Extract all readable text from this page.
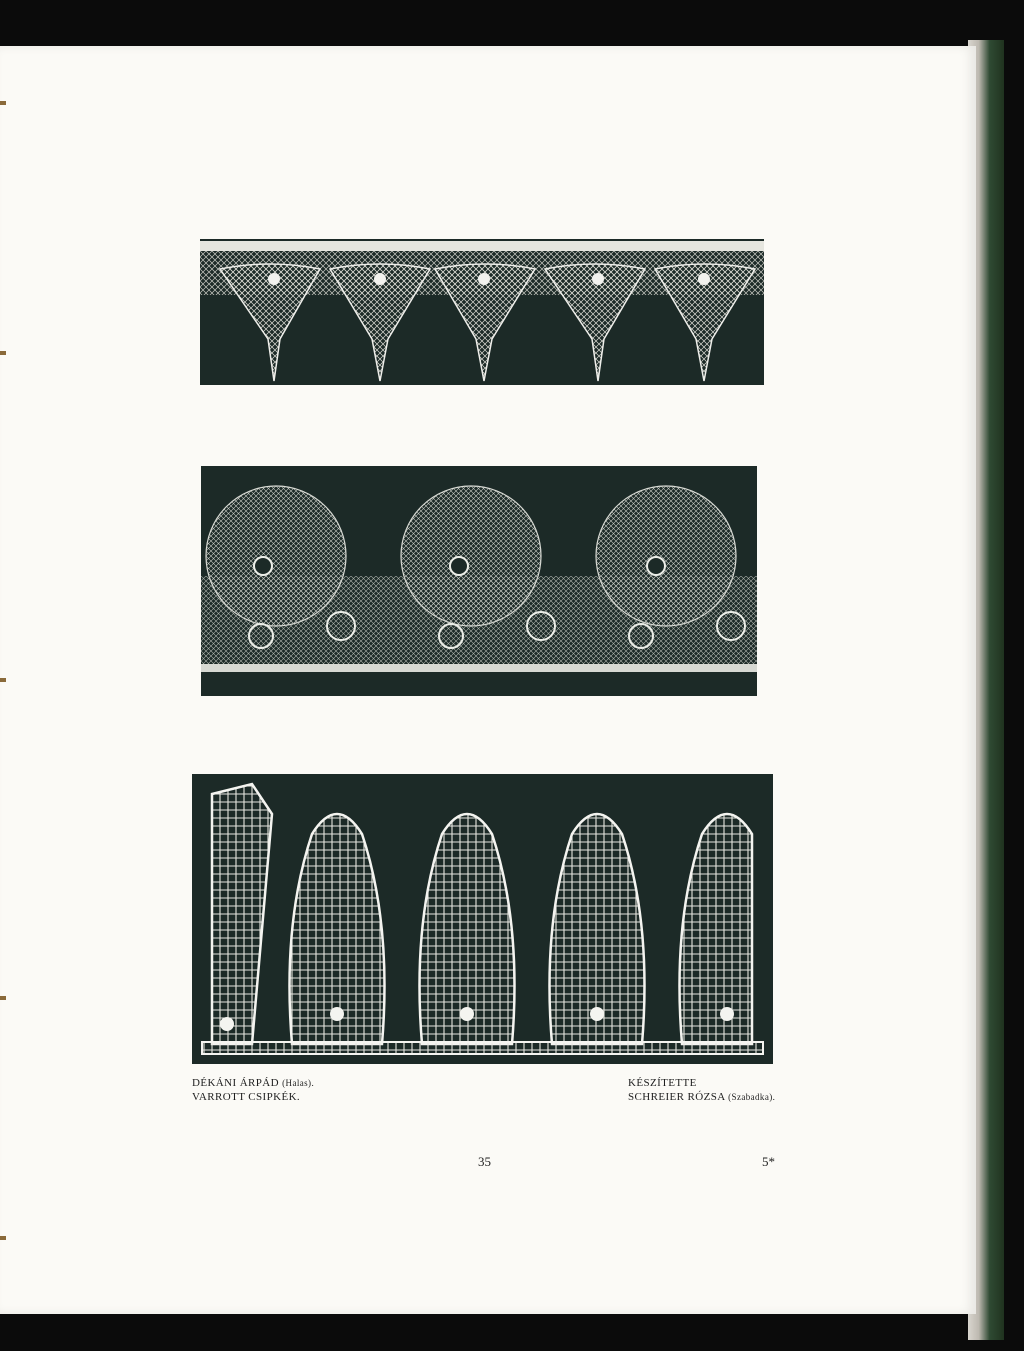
DÉKÁNI ÁRPÁD (Halas).
VARROTT CSIPKÉK.
KÉSZÍTETTE
SCHREIER RÓZSA (Szabadka).
35	5*
